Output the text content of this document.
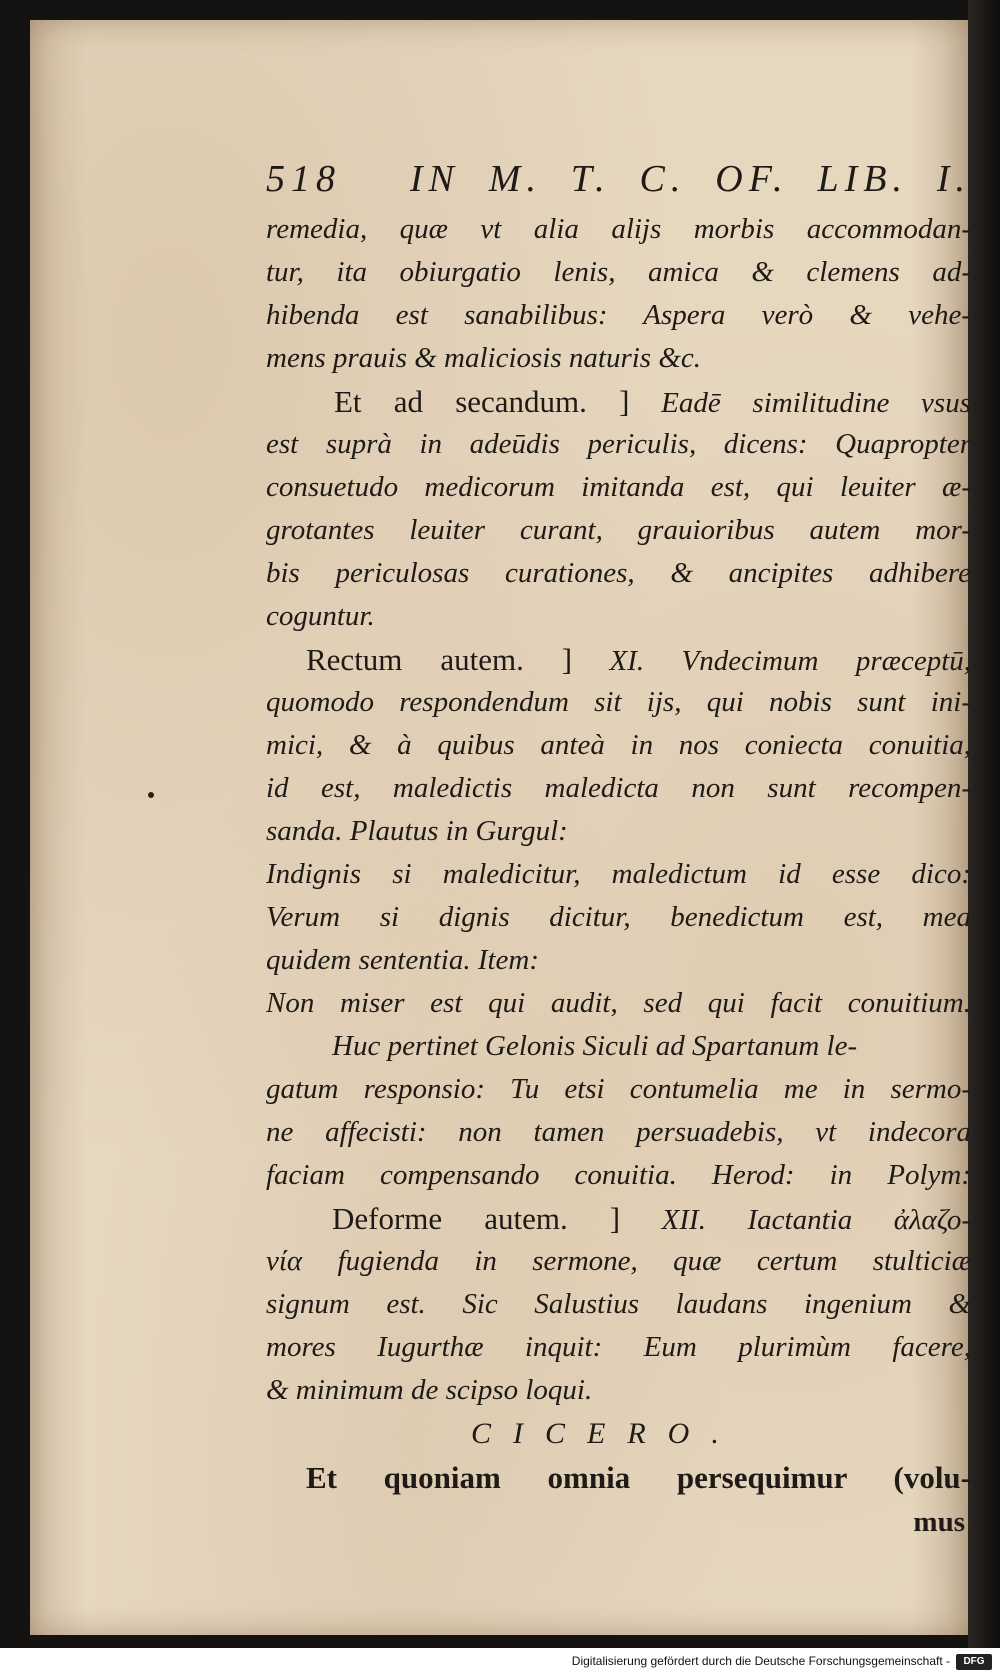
518 IN M. T. C. OF. LIB. I.
remedia, quæ vt alia alijs morbis accommodan-
tur, ita obiurgatio lenis, amica & clemens ad-
hibenda est sanabilibus: Aspera verò & vehe-
mens prauis & maliciosis naturis &c.
Et ad secandum. ] Eadē similitudine vsus
est suprà in adeūdis periculis, dicens: Quapropter
consuetudo medicorum imitanda est, qui leuiter æ-
grotantes leuiter curant, grauioribus autem mor-
bis periculosas curationes, & ancipites adhibere
coguntur.
Rectum autem. ] XI. Vndecimum præceptū,
quomodo respondendum sit ijs, qui nobis sunt ini-
mici, & à quibus anteà in nos coniecta conuitia,
id est, maledictis maledicta non sunt recompen-
sanda. Plautus in Gurgul:
Indignis si maledicitur, maledictum id esse dico:
Verum si dignis dicitur, benedictum est, mea
quidem sententia. Item:
Non miser est qui audit, sed qui facit conuitium.
Huc pertinet Gelonis Siculi ad Spartanum le-
gatum responsio: Tu etsi contumelia me in sermo-
ne affecisti: non tamen persuadebis, vt indecora
faciam compensando conuitia. Herod: in Polym:
Deforme autem. ] XII. Iactantia ἀλαζο-
νία fugienda in sermone, quæ certum stulticiæ
signum est. Sic Salustius laudans ingenium &
mores Iugurthæ inquit: Eum plurimùm facere,
& minimum de scipso loqui.
CICERO.
Et quoniam omnia persequimur (volu-
mus
Digitalisierung gefördert durch die Deutsche Forschungsgemeinschaft -	DFG
